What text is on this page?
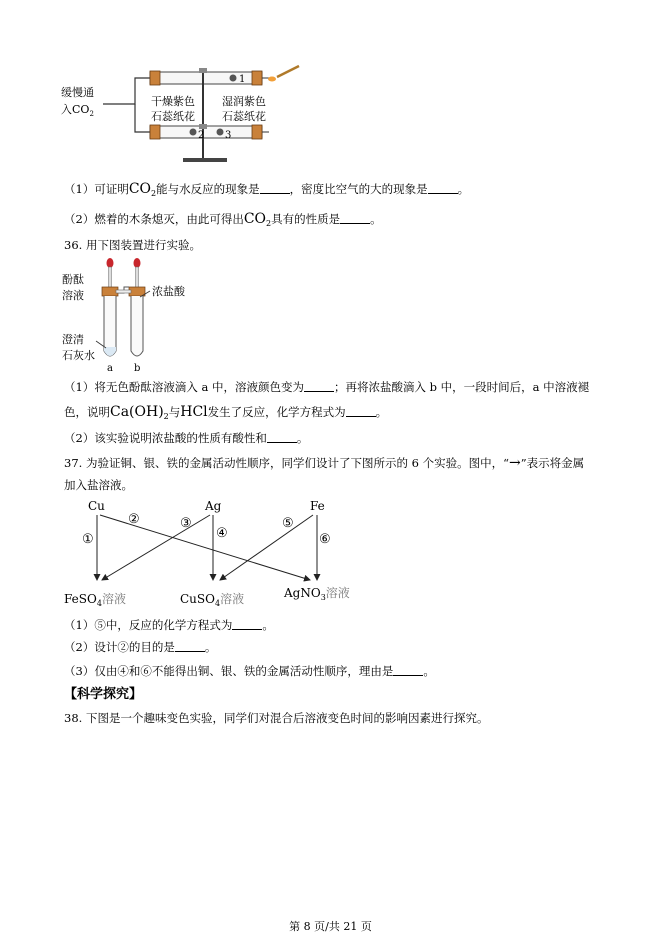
缓慢通
入$CO_2$
1
2 3
干燥紫色
石蕊纸花
湿润紫色
石蕊纸花
（1）可证明$CO_2$能与水反应的现象是	，密度比空气的大的现象是	。
（2）燃着的木条熄灭，由此可得出$CO_2$具有的性质是	。
36. 用下图装置进行实验。
酚酞
溶液	浓盐酸
澄清
石灰水
a b
（1）将无色酚酞溶液滴入 a 中，溶液颜色变为	；再将浓盐酸滴入 b 中，一段时间后，a 中溶液褪
色，说明$Ca(OH)_2$与HCl发生了反应，化学方程式为	。
（2）该实验说明浓盐酸的性质有酸性和	。
37. 为验证铜、银、铁的金属活动性顺序，同学们设计了下图所示的 6 个实验。图中，“→”表示将金属
加入盐溶液。
Cu	Ag	Fe
①
②	③
④
⑤
⑥
FeSO$_4$溶液	CuSO$_4$溶液	AgNO$_3$溶液
（1）⑤中，反应的化学方程式为	。
（2）设计②的目的是	。
（3）仅由④和⑥不能得出铜、银、铁的金属活动性顺序，理由是	。
【科学探究】
38. 下图是一个趣味变色实验，同学们对混合后溶液变色时间的影响因素进行探究。
第 8 页/共 21 页
